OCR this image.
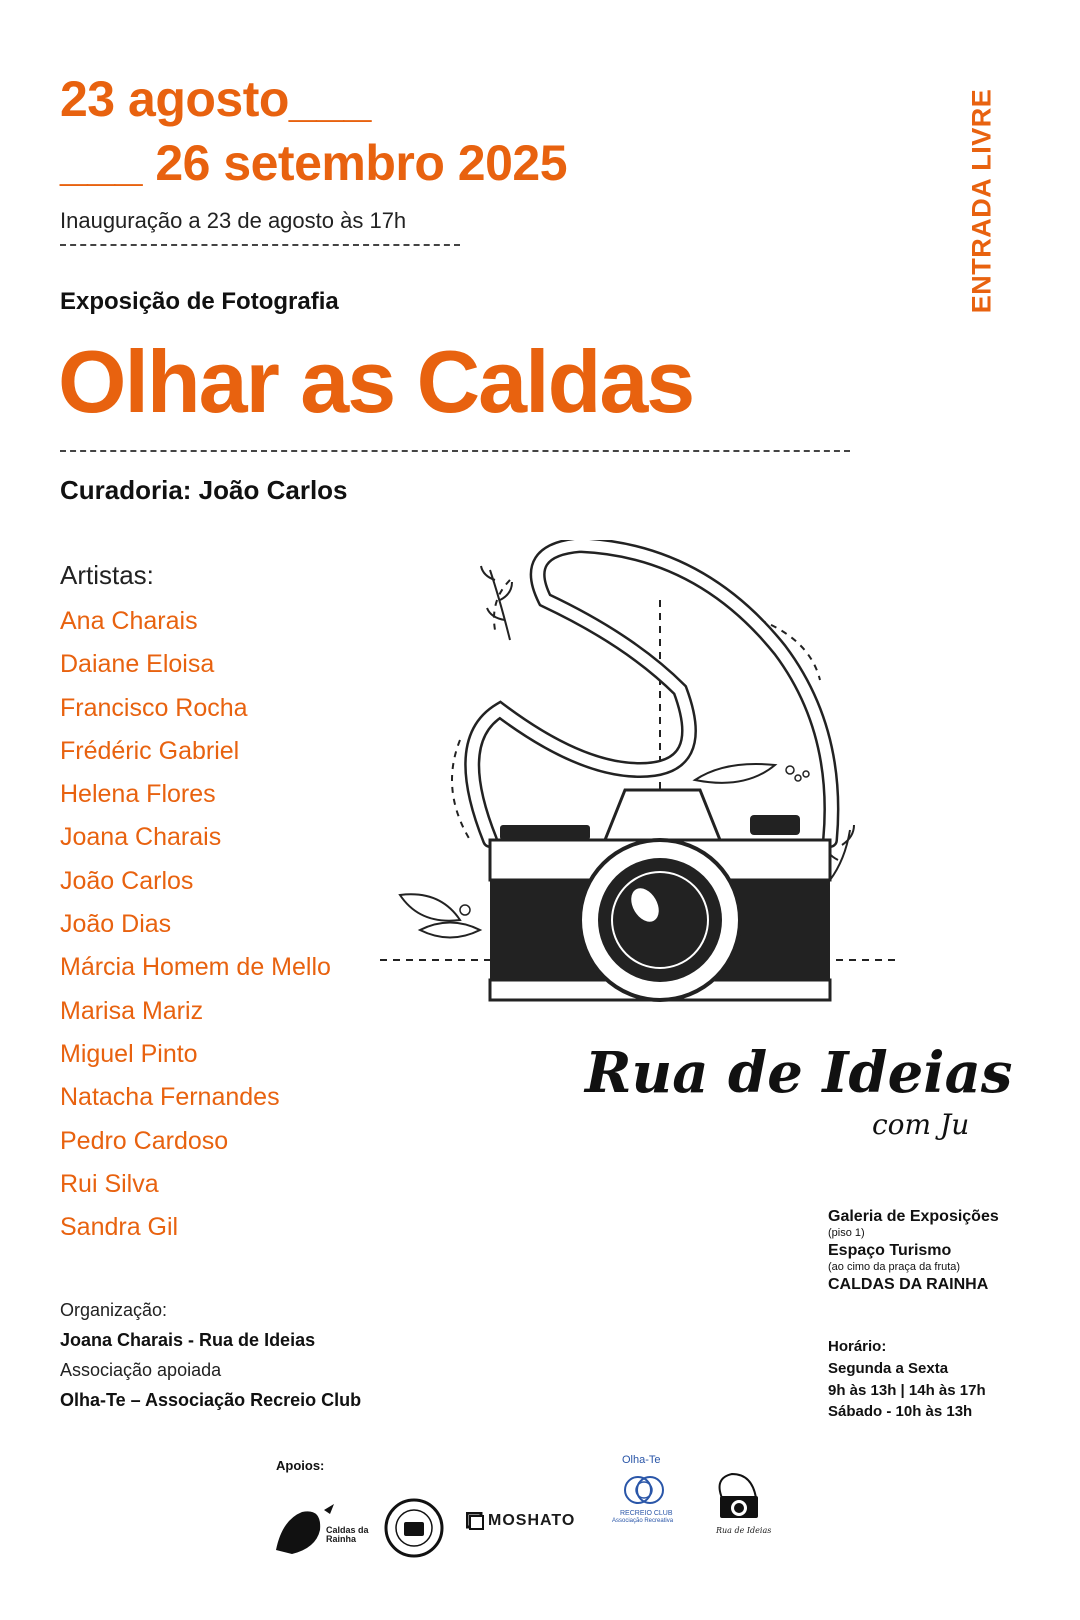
23 agosto___
___ 26 setembro 2025
Inauguração a 23 de agosto às 17h	ENTRADA LIVRE
Exposição de Fotografia
Olhar as Caldas
Curadoria: João Carlos
Artistas:
Ana Charais
Daiane Eloisa
Francisco Rocha
Frédéric Gabriel
Helena Flores
Joana Charais
João Carlos
João Dias
Márcia Homem de Mello
Marisa Mariz
Miguel Pinto
Natacha Fernandes
Pedro Cardoso
Rui Silva
Sandra Gil
Rua de Ideias
com Ju
Galeria de Exposições
(piso 1)
Espaço Turismo
(ao cimo da praça da fruta)
CALDAS DA RAINHA
Horário:
Segunda a Sexta
9h às 13h | 14h às 17h
Sábado - 10h às 13h
Organização:
Joana Charais - Rua de Ideias
Associação apoiada
Olha-Te – Associação Recreio Club
Apoios:
Caldas da Rainha
LIGHT SYNDICATE ACADEMY
MOSHATO
Olha-Te
RECREIO CLUB
Associação Recreativa
Rua de Ideias
